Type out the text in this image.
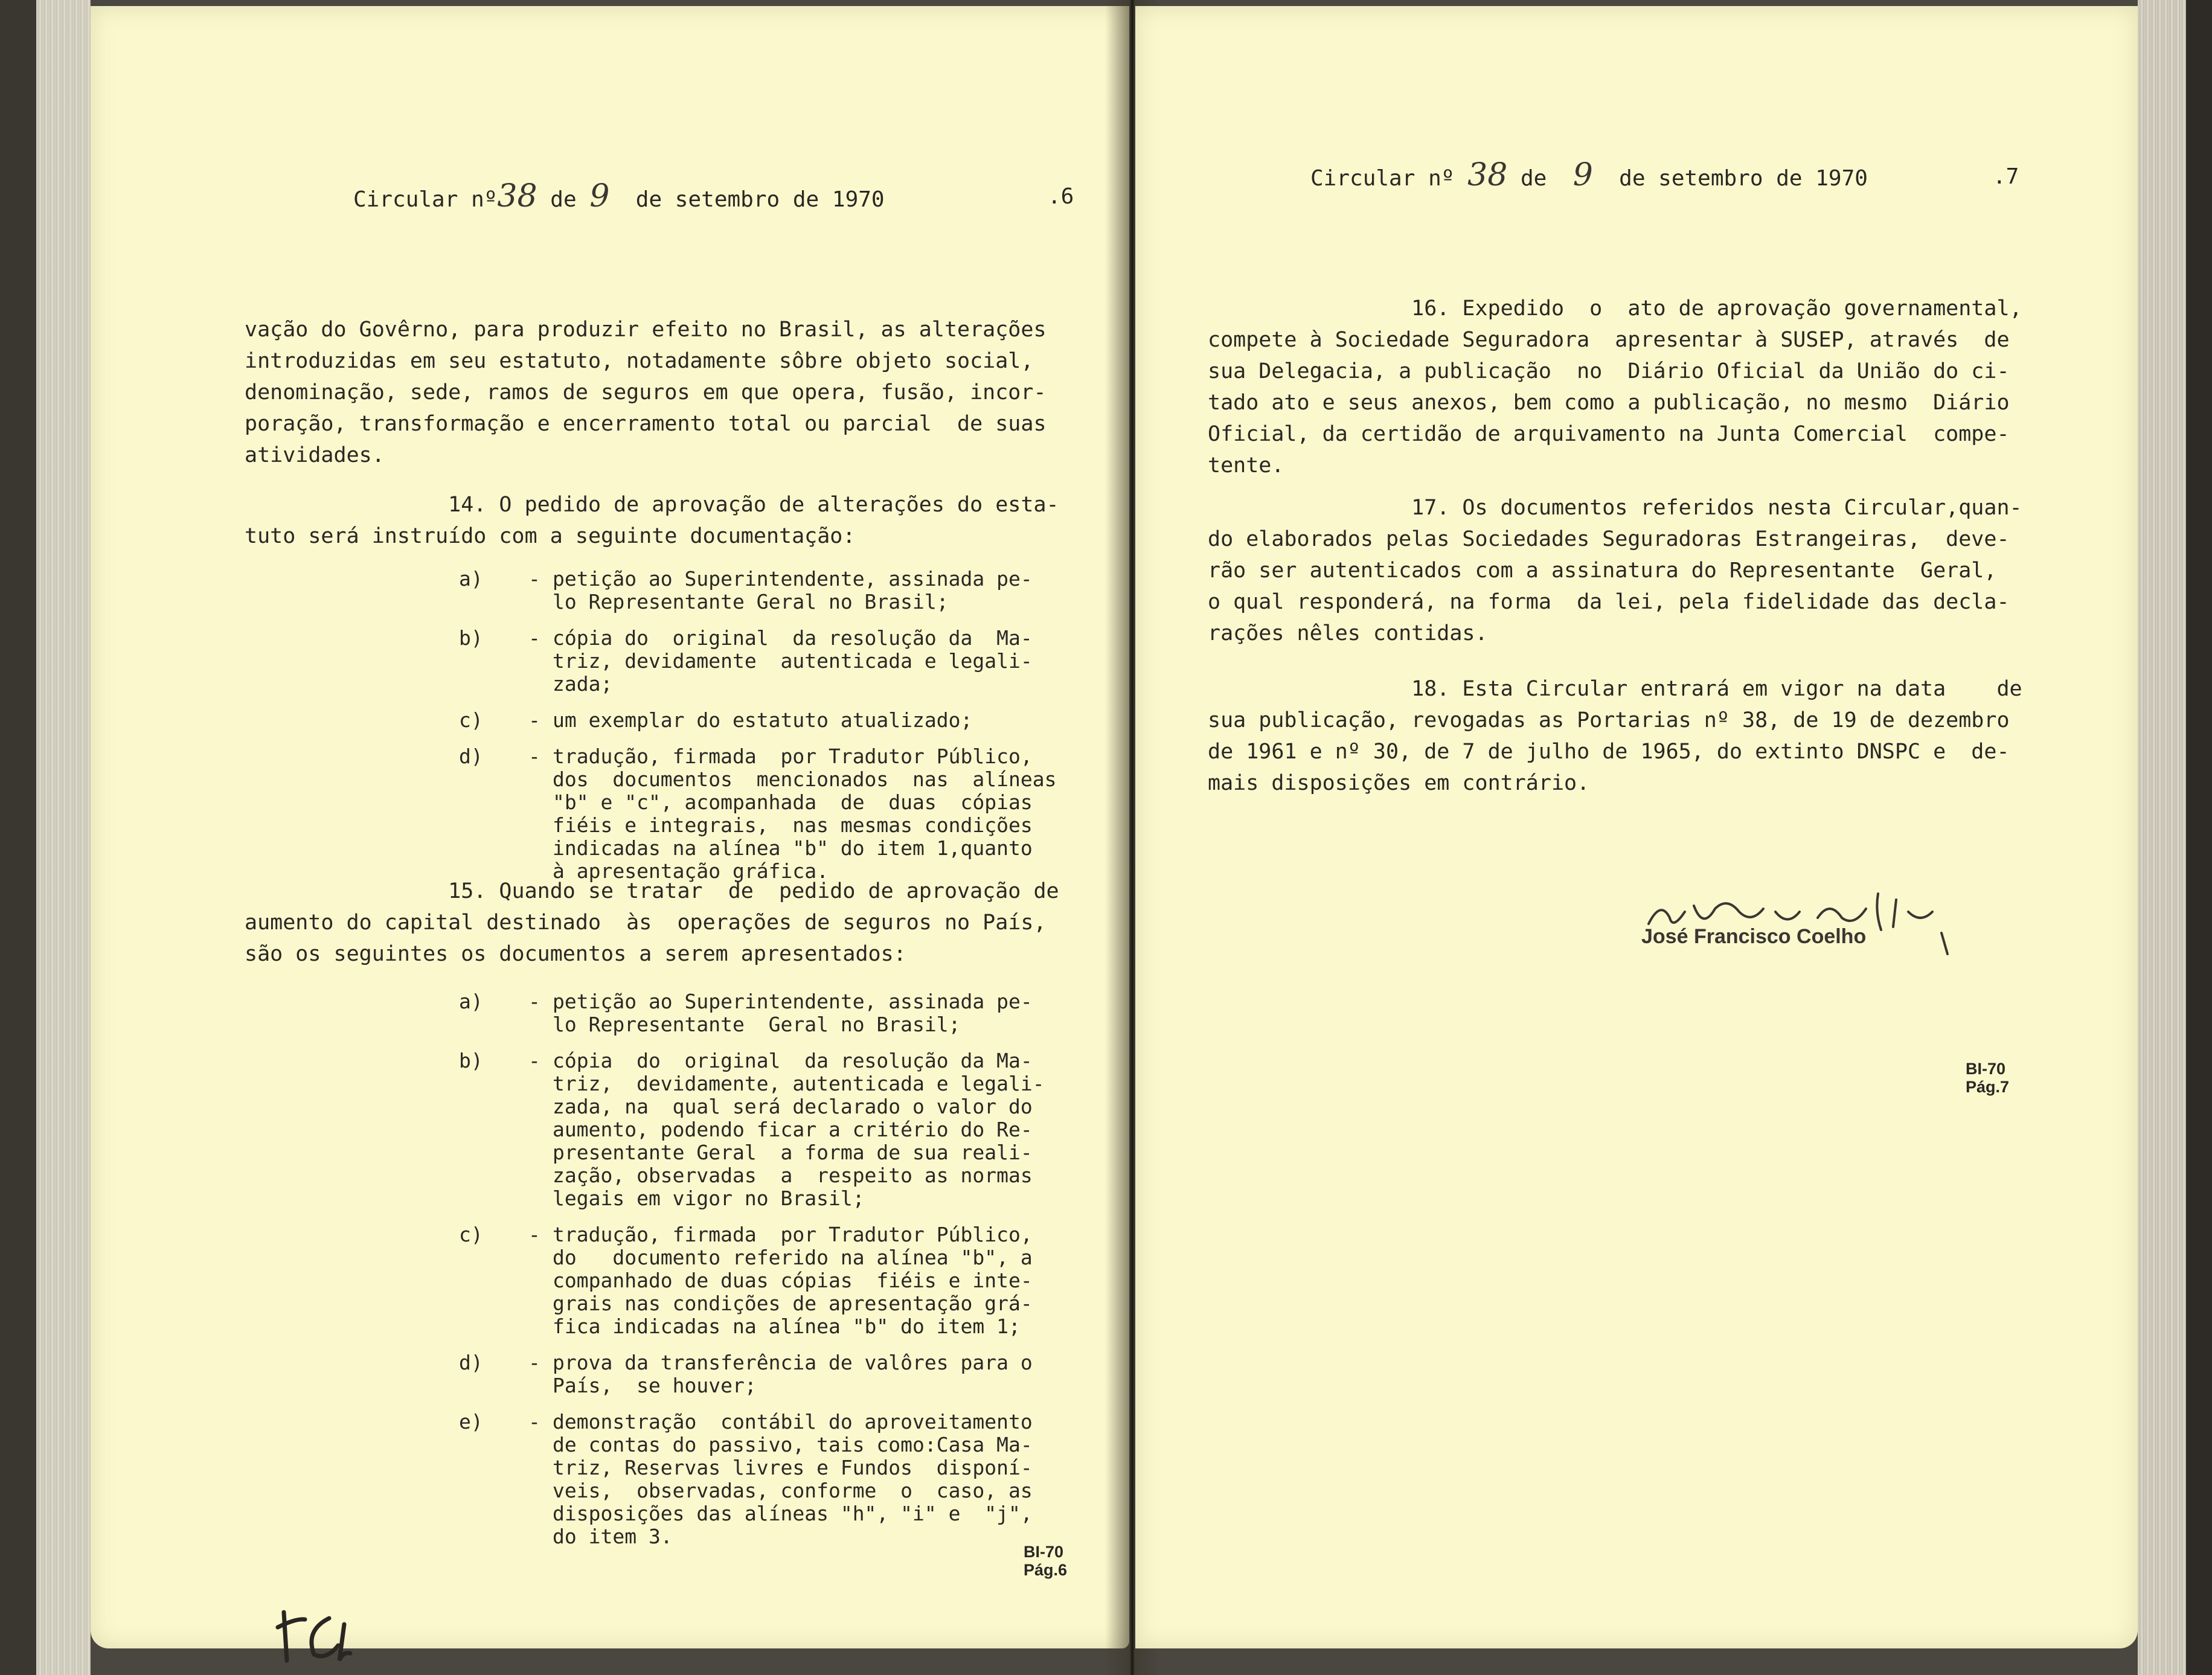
Circular nº38 de 9 de setembro de 1970	.6

vação do Govêrno, para produzir efeito no Brasil, as alterações

introduzidas em seu estatuto, notadamente sôbre objeto social,

denominação, sede, ramos de seguros em que opera, fusão, incor-

poração, transformação e encerramento total ou parcial  de suas

atividades.

14. O pedido de aprovação de alterações do esta-

tuto será instruído com a seguinte documentação:

a)	- petição ao Superintendente, assinada pe-
lo Representante Geral no Brasil;
b)	- cópia do  original  da resolução da  Ma-
triz, devidamente  autenticada e legali-
zada;
c)	- um exemplar do estatuto atualizado;
d)	- tradução, firmada  por Tradutor Público,
dos  documentos  mencionados  nas  alíneas
"b" e "c", acompanhada  de  duas  cópias
fiéis e integrais,  nas mesmas condições
indicadas na alínea "b" do item 1,quanto
à apresentação gráfica.

15. Quando se tratar  de  pedido de aprovação de

aumento do capital destinado  às  operações de seguros no País,

são os seguintes os documentos a serem apresentados:

a)	- petição ao Superintendente, assinada pe-
lo Representante  Geral no Brasil;
b)	- cópia  do  original  da resolução da Ma-
triz,  devidamente, autenticada e legali-
zada, na  qual será declarado o valor do
aumento, podendo ficar a critério do Re-
presentante Geral  a forma de sua reali-
zação, observadas  a  respeito as normas
legais em vigor no Brasil;
c)	- tradução, firmada  por Tradutor Público,
do   documento referido na alínea "b", a
companhado de duas cópias  fiéis e inte-
grais nas condições de apresentação grá-
fica indicadas na alínea "b" do item 1;
d)	- prova da transferência de valôres para o
País,  se houver;
e)	- demonstração  contábil do aproveitamento
de contas do passivo, tais como:Casa Ma-
triz, Reservas livres e Fundos  disponí-
veis,  observadas, conforme  o  caso, as
disposições das alíneas "h", "i" e  "j",
do item 3.
BI-70
Pág.6
Circular nº 38 de 9 de setembro de 1970	.7

16. Expedido  o  ato de aprovação governamental,

compete à Sociedade Seguradora  apresentar à SUSEP, através  de

sua Delegacia, a publicação  no  Diário Oficial da União do ci-

tado ato e seus anexos, bem como a publicação, no mesmo  Diário

Oficial, da certidão de arquivamento na Junta Comercial  compe-

tente.

17. Os documentos referidos nesta Circular,quan-

do elaborados pelas Sociedades Seguradoras Estrangeiras,  deve-

rão ser autenticados com a assinatura do Representante  Geral,

o qual responderá, na forma  da lei, pela fidelidade das decla-

rações nêles contidas.

18. Esta Circular entrará em vigor na data    de

sua publicação, revogadas as Portarias nº 38, de 19 de dezembro

de 1961 e nº 30, de 7 de julho de 1965, do extinto DNSPC e  de-

mais disposições em contrário.

José Francisco Coelho
BI-70
Pág.7
